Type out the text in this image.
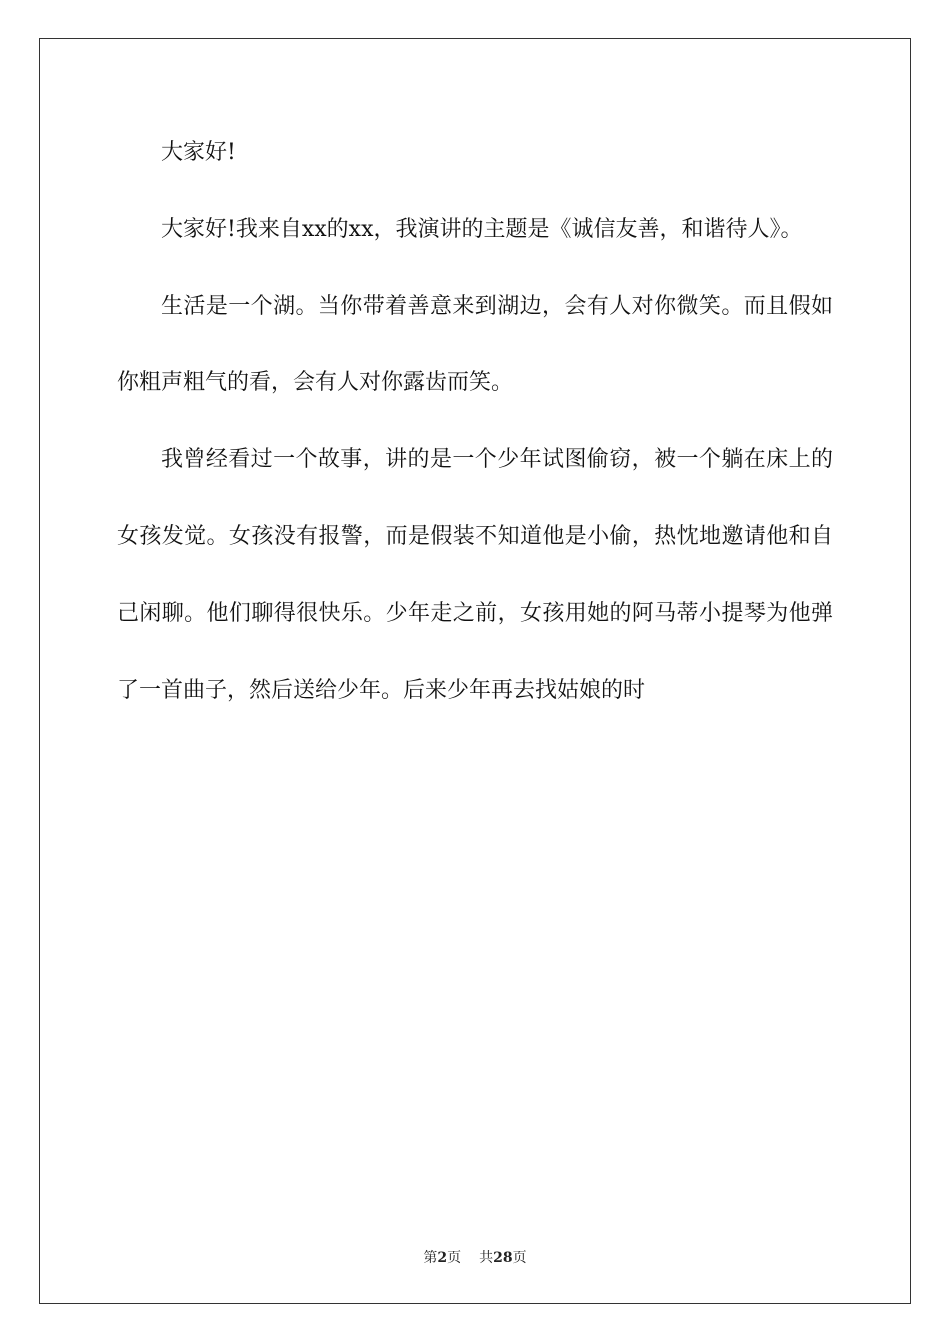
大家好!

大家好!我来自xx的xx，我演讲的主题是《诚信友善，和谐待人》。

生活是一个湖。当你带着善意来到湖边，会有人对你微笑。而且假如你粗声粗气的看，会有人对你露齿而笑。

我曾经看过一个故事，讲的是一个少年试图偷窃，被一个躺在床上的女孩发觉。女孩没有报警，而是假装不知道他是小偷，热忱地邀请他和自己闲聊。他们聊得很快乐。少年走之前，女孩用她的阿马蒂小提琴为他弹了一首曲子，然后送给少年。后来少年再去找姑娘的时

第2页 共28页
